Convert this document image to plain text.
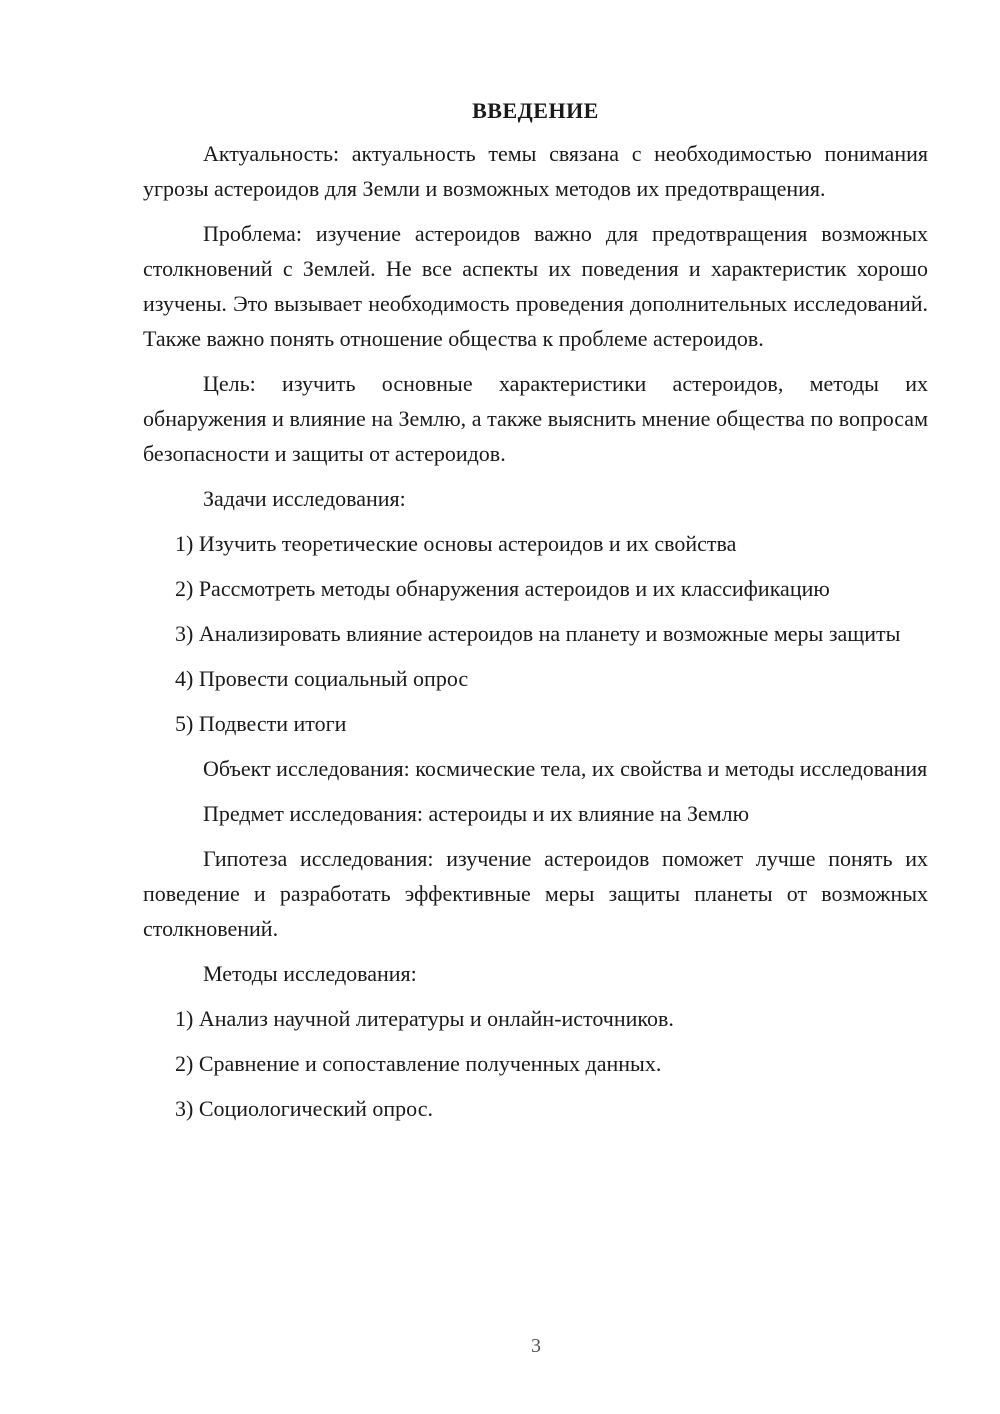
ВВЕДЕНИЕ

Актуальность: актуальность темы связана с необходимостью понимания угрозы астероидов для Земли и возможных методов их предотвращения.

Проблема: изучение астероидов важно для предотвращения возможных столкновений с Землей. Не все аспекты их поведения и характеристик хорошо изучены. Это вызывает необходимость проведения дополнительных исследований. Также важно понять отношение общества к проблеме астероидов.

Цель: изучить основные характеристики астероидов, методы их обнаружения и влияние на Землю, а также выяснить мнение общества по вопросам безопасности и защиты от астероидов.

Задачи исследования:

1) Изучить теоретические основы астероидов и их свойства

2) Рассмотреть методы обнаружения астероидов и их классификацию

3) Анализировать влияние астероидов на планету и возможные меры защиты

4) Провести социальный опрос

5) Подвести итоги

Объект исследования: космические тела, их свойства и методы исследования

Предмет исследования: астероиды и их влияние на Землю

Гипотеза исследования: изучение астероидов поможет лучше понять их поведение и разработать эффективные меры защиты планеты от возможных столкновений.

Методы исследования:

1) Анализ научной литературы и онлайн-источников.

2) Сравнение и сопоставление полученных данных.

3) Социологический опрос.

3
